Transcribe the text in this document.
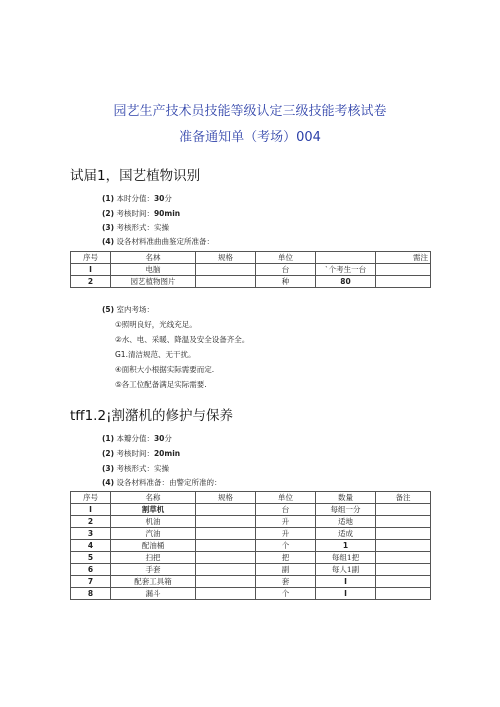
园艺生产技术员技能等级认定三级技能考核试卷
准备通知单（考场）004
试届1，国艺植物识别
(1) 本时分值：30分
(2) 考核时间：90min
(3) 考核形式：实操
(4) 设各材料准曲曲鉴定所准备：
序号	名林	规格	单位		需注
I	电脑		台	`个考生一台	
2	园艺植物图片		种	80	
(5) 室内考场：
①照明良好，光线充足。
②水、电、采暖、降温及安全设备齐全。
G1.清洁规范、无干扰。
④面积大小根据实际需要而定.
⑤各工位配备满足实际需要.
tff1.2¡割潴机的修护与保养
(1) 本瓣分值：30分
(2) 考核时间：20min
(3) 考核形式：实操
(4) 设各材料准备：由警定所准的：
序号	名称	规格	单位	数量	备注
I	割草机		台	每组一分	
2	机油		升	适地	
3	汽油		升	适成	
4	配油桶		个	1	
5	扫把		把	每组1把	
6	手套		副	每人1副	
7	配套工具箱		套	I	
8	漏斗		个	I	
